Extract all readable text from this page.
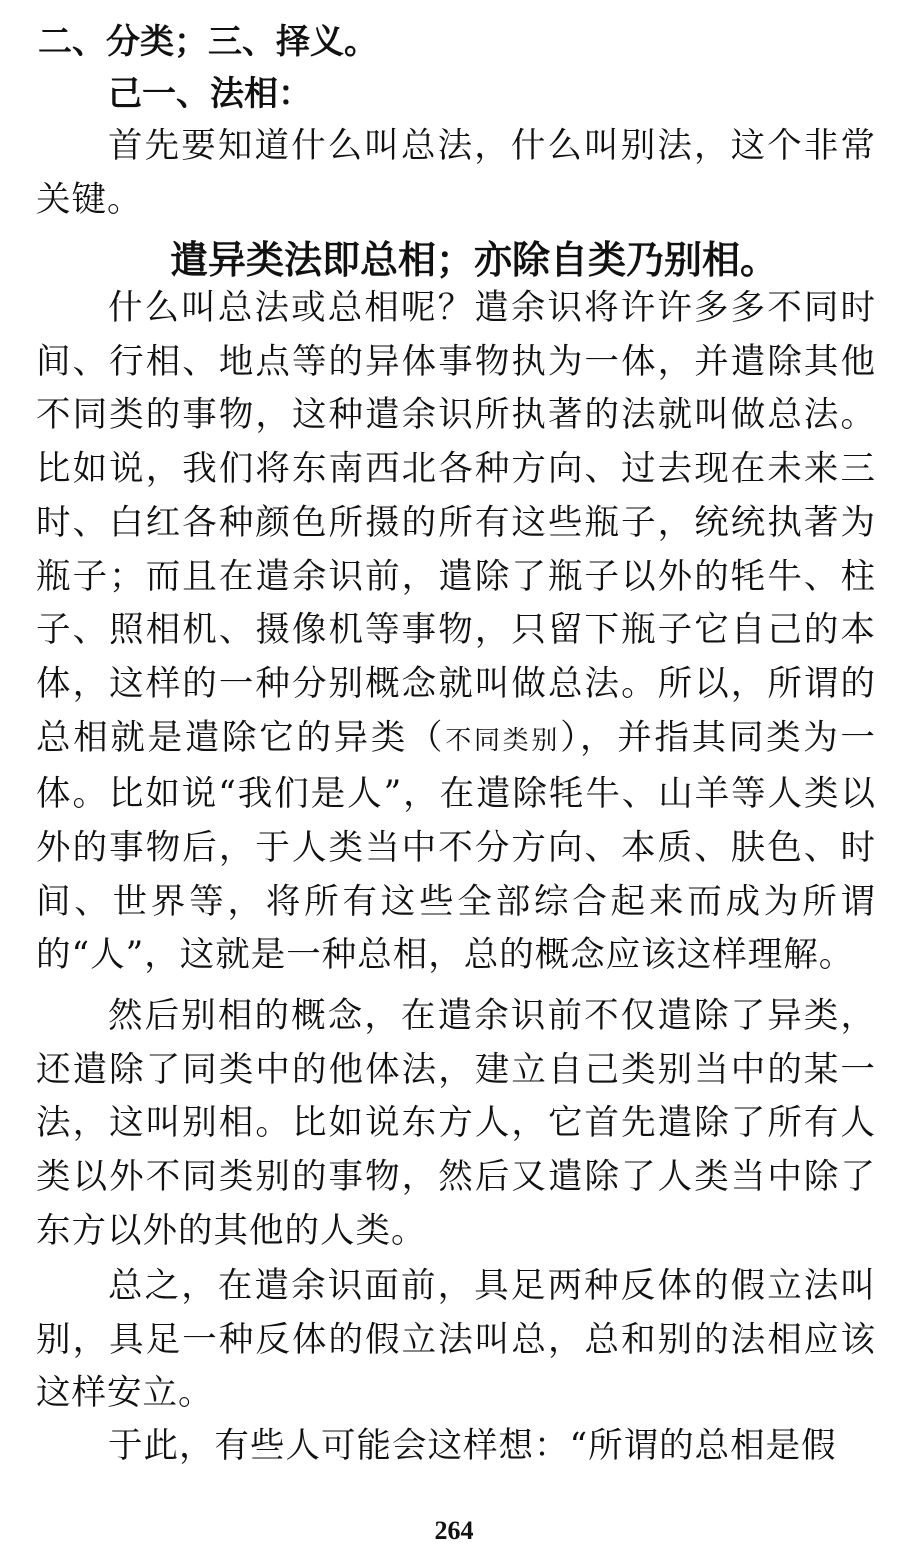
二、分类；三、择义。
己一、法相：

首先要知道什么叫总法，什么叫别法，这个非常关键。

遣异类法即总相；亦除自类乃别相。

什么叫总法或总相呢？遣余识将许许多多不同时间、行相、地点等的异体事物执为一体，并遣除其他不同类的事物，这种遣余识所执著的法就叫做总法。比如说，我们将东南西北各种方向、过去现在未来三时、白红各种颜色所摄的所有这些瓶子，统统执著为瓶子；而且在遣余识前，遣除了瓶子以外的牦牛、柱子、照相机、摄像机等事物，只留下瓶子它自己的本体，这样的一种分别概念就叫做总法。所以，所谓的总相就是遣除它的异类（不同类别），并指其同类为一体。比如说“我们是人”，在遣除牦牛、山羊等人类以外的事物后，于人类当中不分方向、本质、肤色、时间、世界等，将所有这些全部综合起来而成为所谓的“人”，这就是一种总相，总的概念应该这样理解。

然后别相的概念，在遣余识前不仅遣除了异类，还遣除了同类中的他体法，建立自己类别当中的某一法，这叫别相。比如说东方人，它首先遣除了所有人类以外不同类别的事物，然后又遣除了人类当中除了东方以外的其他的人类。

总之，在遣余识面前，具足两种反体的假立法叫别，具足一种反体的假立法叫总，总和别的法相应该这样安立。

于此，有些人可能会这样想：“所谓的总相是假

264
